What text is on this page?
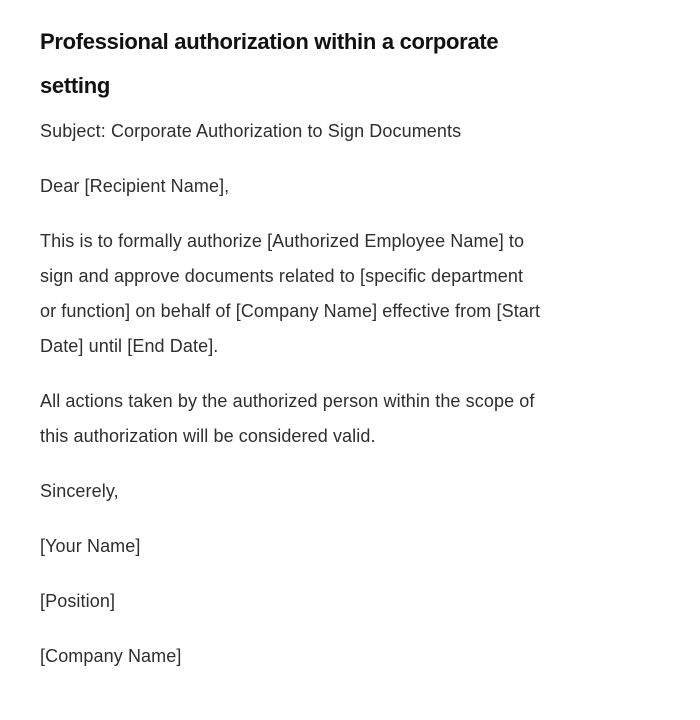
Professional authorization within a corporate
setting

Subject: Corporate Authorization to Sign Documents

Dear [Recipient Name],

This is to formally authorize [Authorized Employee Name] to
sign and approve documents related to [specific department
or function] on behalf of [Company Name] effective from [Start
Date] until [End Date].

All actions taken by the authorized person within the scope of
this authorization will be considered valid.

Sincerely,

[Your Name]

[Position]

[Company Name]
